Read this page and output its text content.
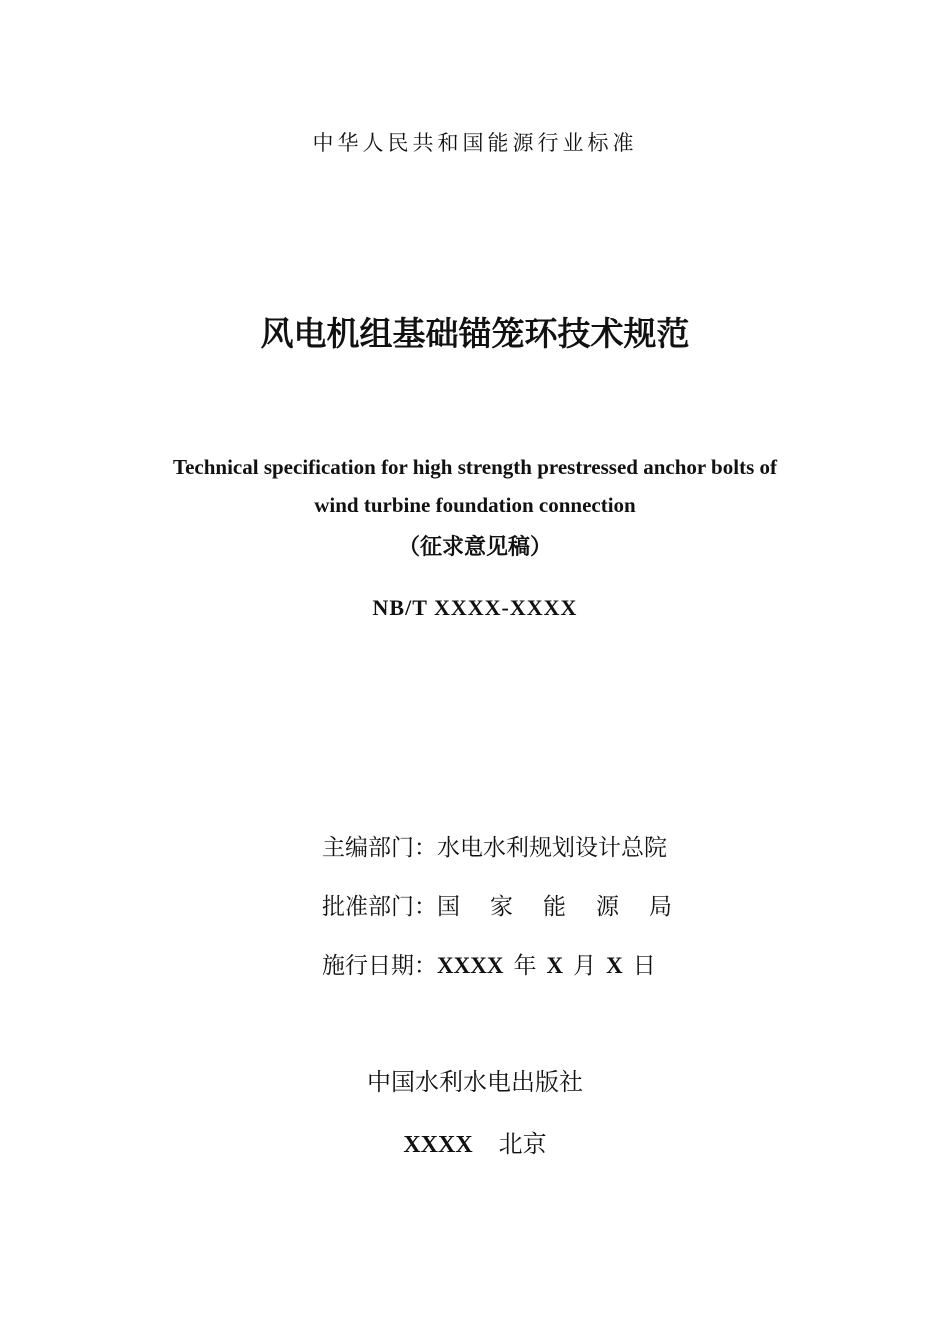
中华人民共和国能源行业标准
风电机组基础锚笼环技术规范
Technical specification for high strength prestressed anchor bolts of
wind turbine foundation connection
（征求意见稿）
NB/T XXXX-XXXX
主编部门：水电水利规划设计总院
批准部门：国 家 能 源 局
施行日期：XXXX 年 X 月 X 日
中国水利水电出版社
XXXX 北京
